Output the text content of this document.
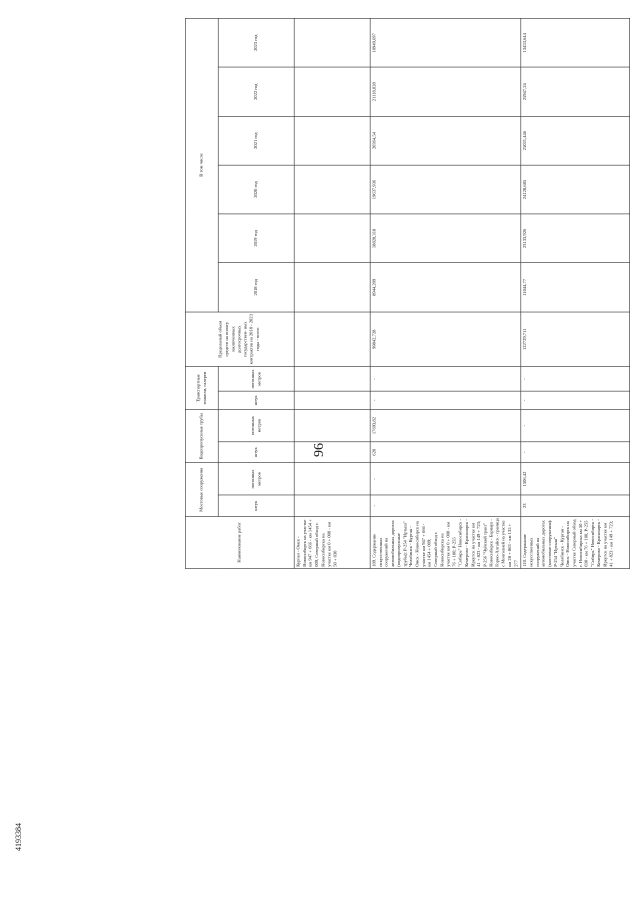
96
4193384
Наименование работ	Мостовые сооружения		Водопропускные трубы		Транспортные тоннели, галереи		Предельный объем средств на оплату заключенных долгосрочных государствен- ных контрактов на 2018 - 2023 годы - всего	В том числе					
	штук	погонных метров	штук	погонных метров	штук	погонных метров		2018 год	2019 год	2020 год	2021 год	2022 год	2023 год
Курган - Омск - Новосибирск на участке км 947 + 666 - км 1454 + 009, Северный обход г. Новосибирска на участке км 0 + 000 - км 50 + 030													
109. Содержание искусственных сооружений на автомобильных дорогах (водопропускные трубы): Р-254 "Иртыш" Челябинск - Курган - Омск - Новосибирск на участке км 947 + 666 - км 1454 + 009; Северный обход г. Новосибирска на участке км 0 + 000 - км 76 + 100; Р-255 "Сибирь" Новосибирск - Кемерово - Красноярск - Иркутск на участке км 41 + 823 - км 149 + 723; Р-256 "Чуйский тракт" Новосибирск - Барнаул - Горно-Алтайск - граница с Монголией на участке км 28 + 863 - км 135 + 277	-	-	620	17693,82	-	-	99842,728	8944,209	18828,318	19637,936	20364,54	21118,028	10949,697
110. Содержание искусственных сооружений на автомобильных дорогах (мостовые сооружения): Р-254 "Иртыш" Челябинск - Курган - Омск - Новосибирск на участке Северный обход г. Новосибирска км 50 + 030 - км 76 + 100, Р-255 "Сибирь" Новосибирск - Кемерово - Красноярск - Иркутск на участке км 41 + 823 - км 149 + 723;	23	1506,42	-	-	-	-	122729,711	11044,77	23133,926	24128,685	25021,446	25947,24	13453,644
